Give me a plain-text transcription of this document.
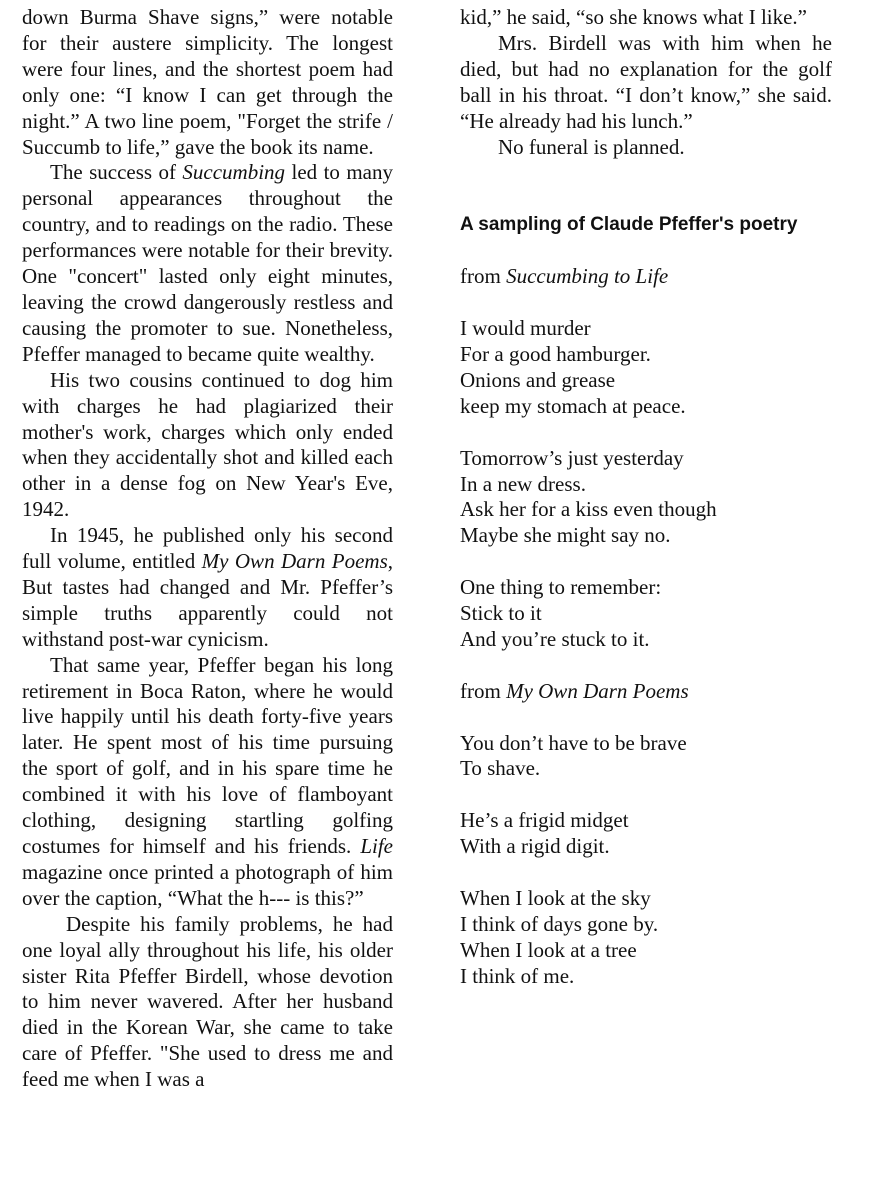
down Burma Shave signs,” were notable for their austere simplicity. The longest were four lines, and the shortest poem had only one: “I know I can get through the night.” A two line poem, "Forget the strife / Succumb to life,” gave the book its name.

The success of Succumbing led to many personal appearances throughout the country, and to readings on the radio. These performances were notable for their brevity. One "concert" lasted only eight minutes, leaving the crowd dangerously restless and causing the promoter to sue. Nonetheless, Pfeffer managed to became quite wealthy.

His two cousins continued to dog him with charges he had plagiarized their mother's work, charges which only ended when they accidentally shot and killed each other in a dense fog on New Year's Eve, 1942.

In 1945, he published only his second full volume, entitled My Own Darn Poems, But tastes had changed and Mr. Pfeffer’s simple truths apparently could not withstand post-war cynicism.

That same year, Pfeffer began his long retirement in Boca Raton, where he would live happily until his death forty-five years later. He spent most of his time pursuing the sport of golf, and in his spare time he combined it with his love of flamboyant clothing, designing startling golfing costumes for himself and his friends. Life magazine once printed a photograph of him over the caption, “What the h--- is this?”

Despite his family problems, he had one loyal ally throughout his life, his older sister Rita Pfeffer Birdell, whose devotion to him never wavered. After her husband died in the Korean War, she came to take care of Pfeffer. "She used to dress me and feed me when I was a

kid,” he said, “so she knows what I like.”

Mrs. Birdell was with him when he died, but had no explanation for the golf ball in his throat. “I don’t know,” she said. “He already had his lunch.”

No funeral is planned.

A sampling of Claude Pfeffer's poetry
from Succumbing to Life
I would murder
For a good hamburger.
Onions and grease
keep my stomach at peace.
Tomorrow’s just yesterday
In a new dress.
Ask her for a kiss even though
Maybe she might say no.
One thing to remember:
Stick to it
And you’re stuck to it.
from My Own Darn Poems
You don’t have to be brave
To shave.
He’s a frigid midget
With a rigid digit.
When I look at the sky
I think of days gone by.
When I look at a tree
I think of me.
